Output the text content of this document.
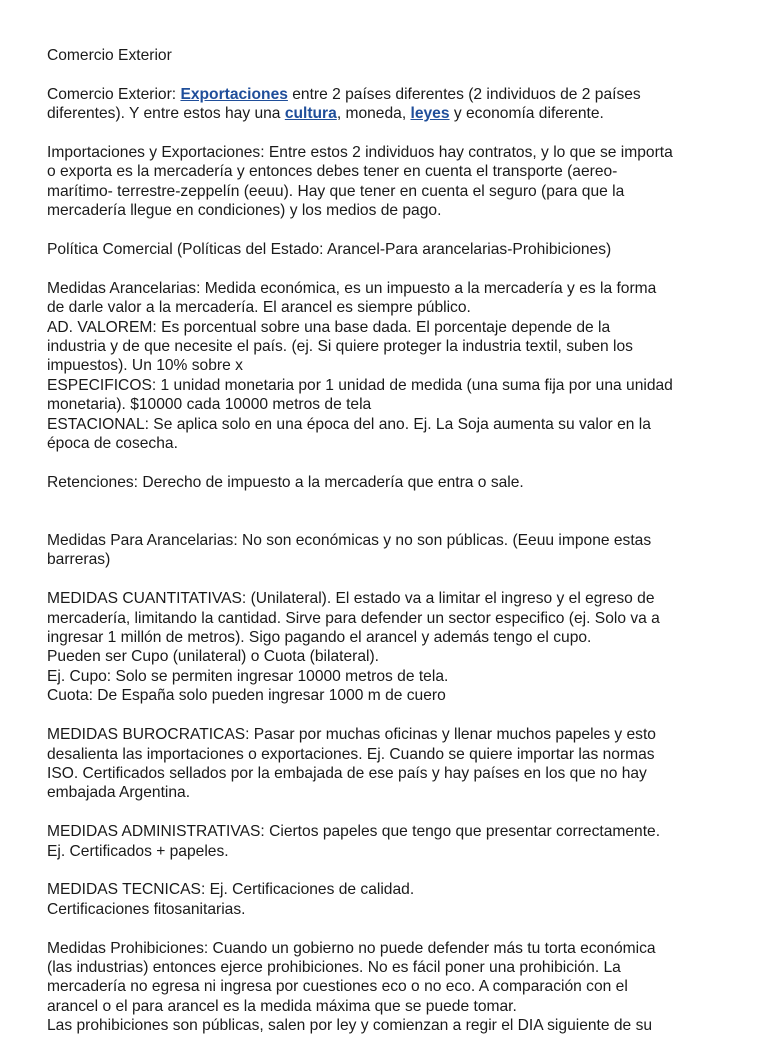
Comercio Exterior

Comercio Exterior: Exportaciones entre 2 países diferentes (2 individuos de 2 países
diferentes). Y entre estos hay una cultura, moneda, leyes y economía diferente.

Importaciones y Exportaciones: Entre estos 2 individuos hay contratos, y lo que se importa
o exporta es la mercadería y entonces debes tener en cuenta el transporte (aereo-
marítimo- terrestre-zeppelín (eeuu). Hay que tener en cuenta el seguro (para que la
mercadería llegue en condiciones) y los medios de pago.

Política Comercial (Políticas del Estado: Arancel-Para arancelarias-Prohibiciones)

Medidas Arancelarias: Medida económica, es un impuesto a la mercadería y es la forma
de darle valor a la mercadería. El arancel es siempre público.
AD. VALOREM: Es porcentual sobre una base dada. El porcentaje depende de la
industria y de que necesite el país. (ej. Si quiere proteger la industria textil, suben los
impuestos). Un 10% sobre x
ESPECIFICOS: 1 unidad monetaria por 1 unidad de medida (una suma fija por una unidad
monetaria). $10000 cada 10000 metros de tela
ESTACIONAL: Se aplica solo en una época del ano. Ej. La Soja aumenta su valor en la
época de cosecha.

Retenciones: Derecho de impuesto a la mercadería que entra o sale.

Medidas Para Arancelarias: No son económicas y no son públicas. (Eeuu impone estas
barreras)

MEDIDAS CUANTITATIVAS: (Unilateral). El estado va a limitar el ingreso y el egreso de
mercadería, limitando la cantidad. Sirve para defender un sector especifico (ej. Solo va a
ingresar 1 millón de metros). Sigo pagando el arancel y además tengo el cupo.
Pueden ser Cupo (unilateral) o Cuota (bilateral).
Ej. Cupo: Solo se permiten ingresar 10000 metros de tela.
Cuota: De España solo pueden ingresar 1000 m de cuero

MEDIDAS BUROCRATICAS: Pasar por muchas oficinas y llenar muchos papeles y esto
desalienta las importaciones o exportaciones. Ej. Cuando se quiere importar las normas
ISO. Certificados sellados por la embajada de ese país y hay países en los que no hay
embajada Argentina.

MEDIDAS ADMINISTRATIVAS: Ciertos papeles que tengo que presentar correctamente.
Ej. Certificados + papeles.

MEDIDAS TECNICAS: Ej. Certificaciones de calidad.
Certificaciones fitosanitarias.

Medidas Prohibiciones: Cuando un gobierno no puede defender más tu torta económica
(las industrias) entonces ejerce prohibiciones. No es fácil poner una prohibición. La
mercadería no egresa ni ingresa por cuestiones eco o no eco. A comparación con el
arancel o el para arancel es la medida máxima que se puede tomar.
Las prohibiciones son públicas, salen por ley y comienzan a regir el DIA siguiente de su
